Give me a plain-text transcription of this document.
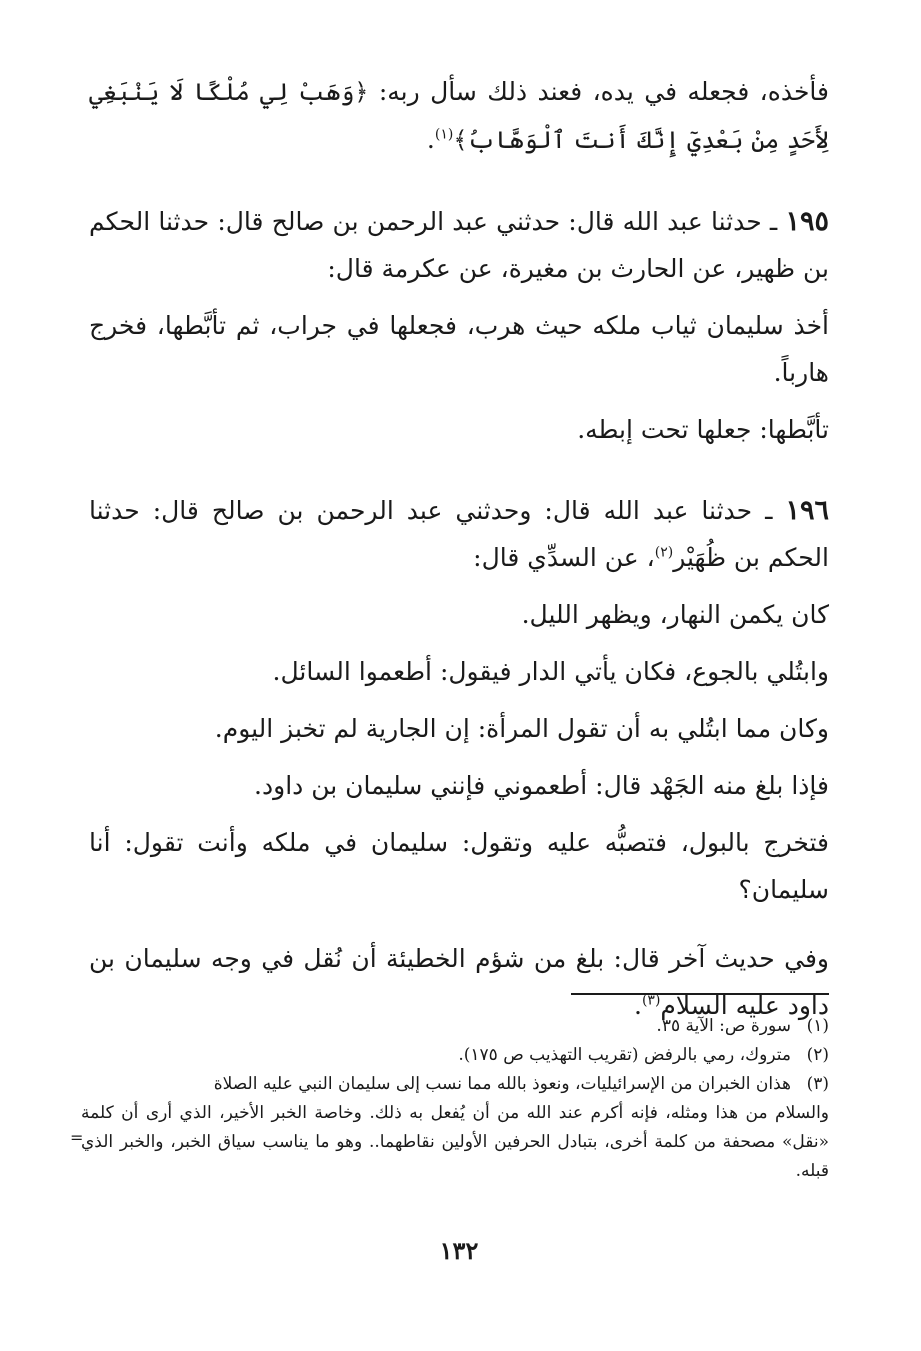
فأخذه، فجعله في يده، فعند ذلك سأل ربه: ﴿وَهَبْ لِي مُلْكًا لَا يَنْبَغِي لِأَحَدٍ مِنْ بَعْدِيٓ إِنَّكَ أَنتَ ٱلْوَهَّابُ﴾$^{(١)}$.

١٩٥ ـ حدثنا عبد الله قال: حدثني عبد الرحمن بن صالح قال: حدثنا الحكم بن ظهير، عن الحارث بن مغيرة، عن عكرمة قال:

أخذ سليمان ثياب ملكه حيث هرب، فجعلها في جراب، ثم تأبَّطها، فخرج هارباً.

تأبَّطها: جعلها تحت إبطه.

١٩٦ ـ حدثنا عبد الله قال: وحدثني عبد الرحمن بن صالح قال: حدثنا الحكم بن ظُهَيْر$^{(٢)}$، عن السدِّي قال:

كان يكمن النهار، ويظهر الليل.

وابتُلي بالجوع، فكان يأتي الدار فيقول: أطعموا السائل.

وكان مما ابتُلي به أن تقول المرأة: إن الجارية لم تخبز اليوم.

فإذا بلغ منه الجَهْد قال: أطعموني فإنني سليمان بن داود.

فتخرج بالبول، فتصبُّه عليه وتقول: سليمان في ملكه وأنت تقول: أنا سليمان؟

وفي حديث آخر قال: بلغ من شؤم الخطيئة أن نُقل في وجه سليمان بن داود عليه السلام$^{(٣)}$.

(١)
سورة ص: الآية ٣٥.
(٢)
متروك، رمي بالرفض (تقريب التهذيب ص ١٧٥).
(٣)
هذان الخبران من الإسرائيليات، ونعوذ بالله مما نسب إلى سليمان النبي عليه الصلاة

والسلام من هذا ومثله، فإنه أكرم عند الله من أن يُفعل به ذلك. وخاصة الخبر الأخير، الذي أرى أن كلمة «نقل» مصحفة من كلمة أخرى، بتبادل الحرفين الأولين نقاطهما.. وهو ما يناسب سياق الخبر، والخبر الذي قبله.

١٣٢
=
